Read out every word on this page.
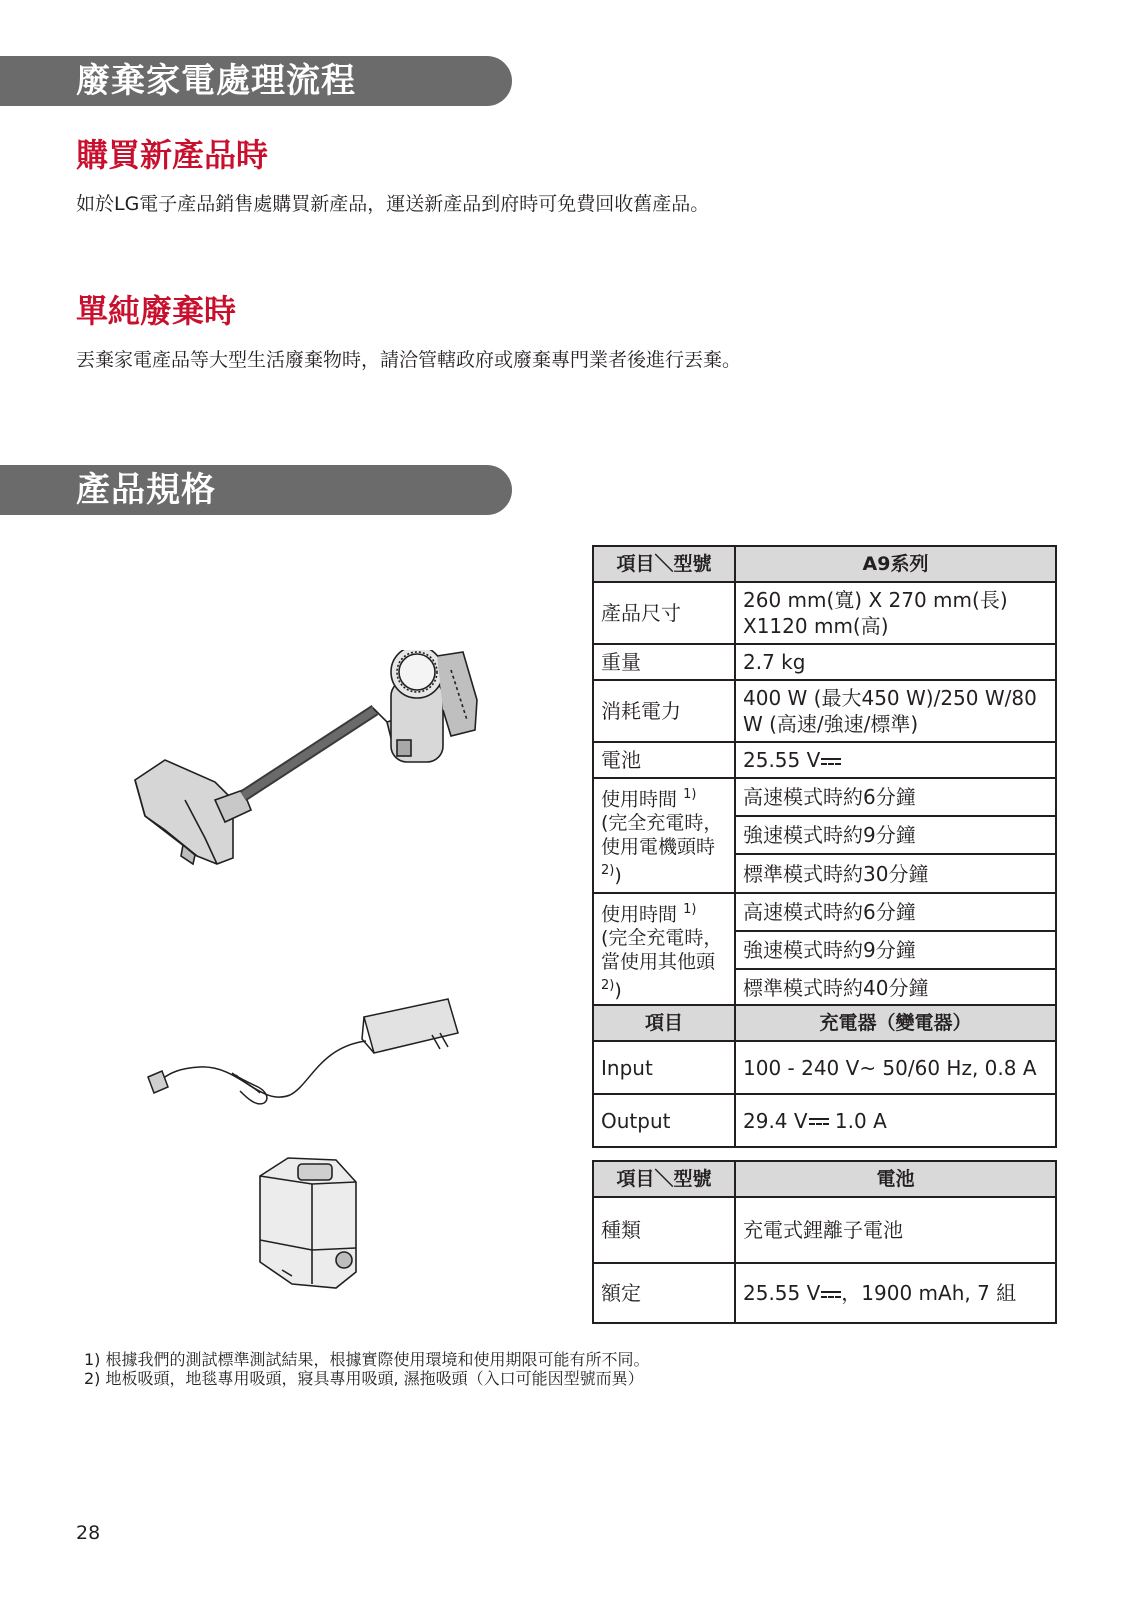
廢棄家電處理流程
購買新產品時
如於LG電子產品銷售處購買新產品，運送新產品到府時可免費回收舊產品。
單純廢棄時
丟棄家電產品等大型生活廢棄物時，請洽管轄政府或廢棄專門業者後進行丟棄。
產品規格
項目＼型號	A9系列
產品尺寸	260 mm(寬) X 270 mm(長) X1120 mm(高)
重量	2.7 kg
消耗電力	400 W (最大450 W)/250 W/80 W (高速/強速/標準)
電池	25.55 V
使用時間 $^{1)}$
(完全充電時，
使用電機頭時$^{2)}$)	高速模式時約6分鐘
	強速模式時約9分鐘
	標準模式時約30分鐘
使用時間 $^{1)}$
(完全充電時，
當使用其他頭$^{2)}$)	高速模式時約6分鐘
	強速模式時約9分鐘
	標準模式時約40分鐘
項目	充電器（變電器）
Input	100 - 240 V~ 50/60 Hz, 0.8 A
Output	29.4 V 1.0 A
項目＼型號	電池
種類	充電式鋰離子電池
額定	25.55 V ，1900 mAh, 7 組
1) 根據我們的測試標準測試結果，根據實際使用環境和使用期限可能有所不同。
2) 地板吸頭，地毯專用吸頭，寢具專用吸頭, 濕拖吸頭（入口可能因型號而異）
28
